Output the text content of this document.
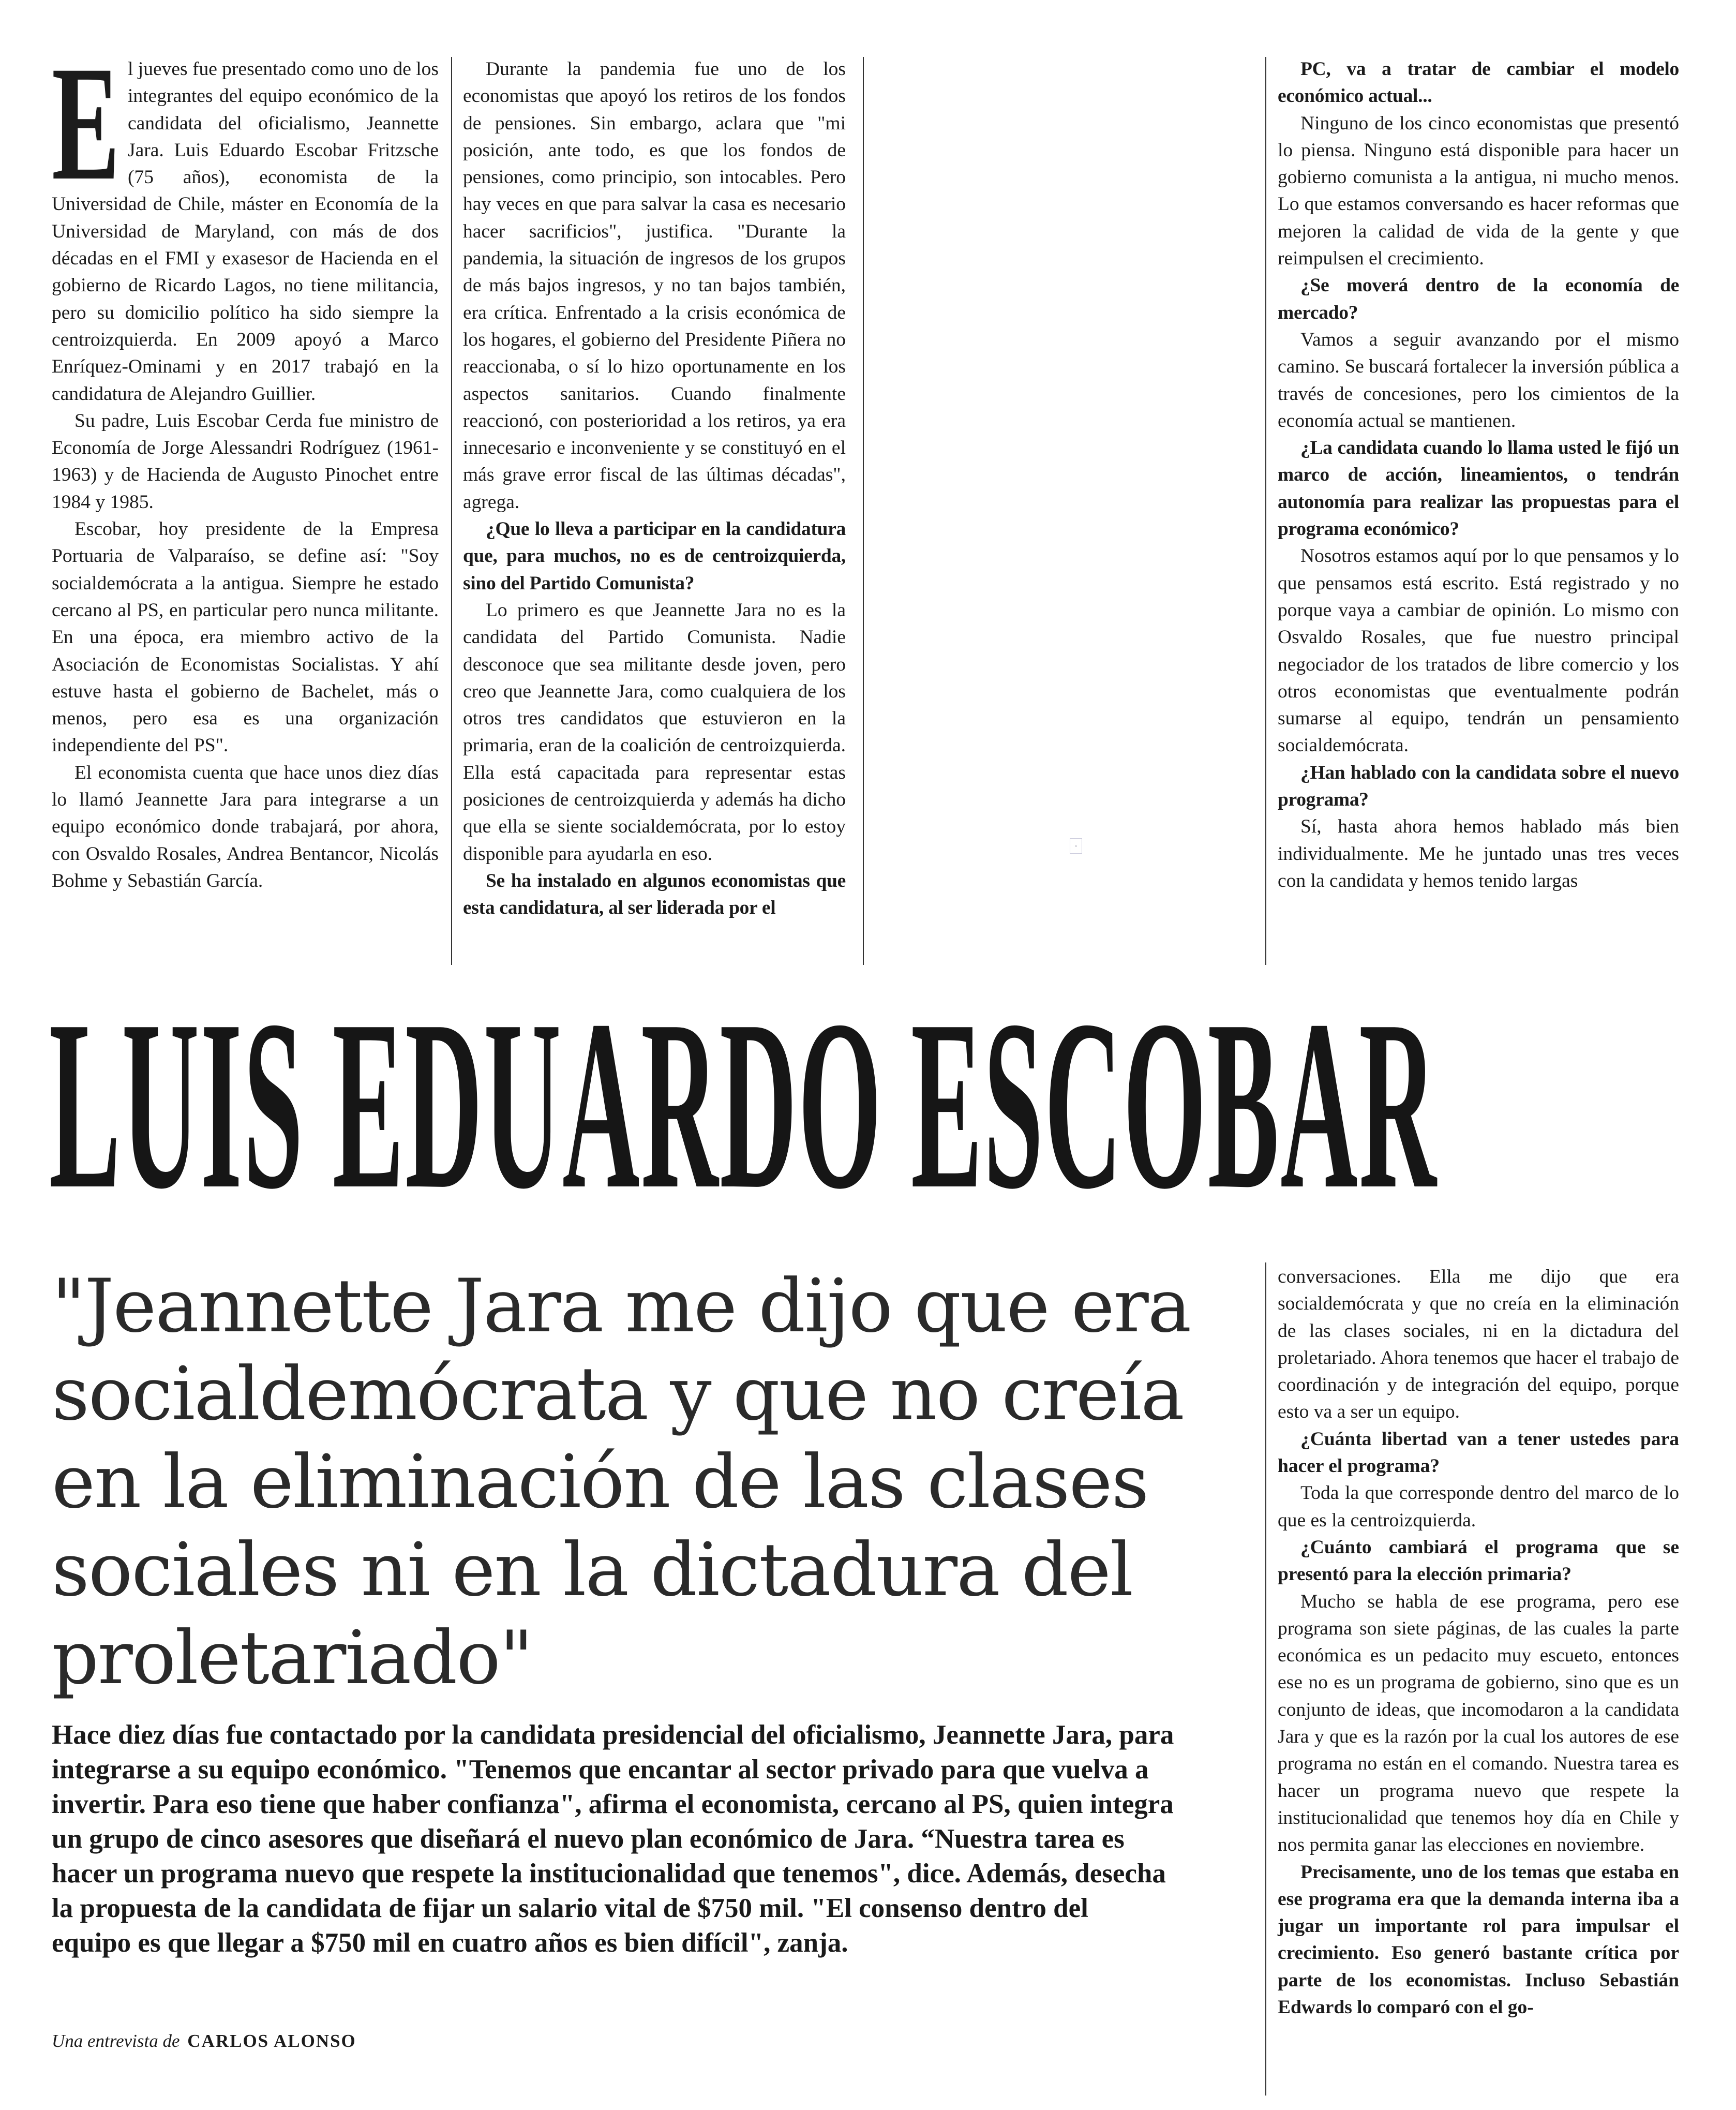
El jueves fue presentado como uno de los integrantes del equipo económico de la candidata del oficialismo, Jeannette Jara. Luis Eduardo Escobar Fritzsche (75 años), economista de la Universidad de Chile, máster en Economía de la Universidad de Maryland, con más de dos décadas en el FMI y exasesor de Hacienda en el gobierno de Ricardo Lagos, no tiene militancia, pero su domicilio político ha sido siempre la centroizquierda. En 2009 apoyó a Marco Enríquez-Ominami y en 2017 trabajó en la candidatura de Alejandro Guillier.

Su padre, Luis Escobar Cerda fue ministro de Economía de Jorge Alessandri Rodríguez (1961-1963) y de Hacienda de Augusto Pinochet entre 1984 y 1985.

Escobar, hoy presidente de la Empresa Portuaria de Valparaíso, se define así: "Soy socialdemócrata a la antigua. Siempre he estado cercano al PS, en particular pero nunca militante. En una época, era miembro activo de la Asociación de Economistas Socialistas. Y ahí estuve hasta el gobierno de Bachelet, más o menos, pero esa es una organización independiente del PS".

El economista cuenta que hace unos diez días lo llamó Jeannette Jara para integrarse a un equipo económico donde trabajará, por ahora, con Osvaldo Rosales, Andrea Bentancor, Nicolás Bohme y Sebastián García.

Durante la pandemia fue uno de los economistas que apoyó los retiros de los fondos de pensiones. Sin embargo, aclara que "mi posición, ante todo, es que los fondos de pensiones, como principio, son intocables. Pero hay veces en que para salvar la casa es necesario hacer sacrificios", justifica. "Durante la pandemia, la situación de ingresos de los grupos de más bajos ingresos, y no tan bajos también, era crítica. Enfrentado a la crisis económica de los hogares, el gobierno del Presidente Piñera no reaccionaba, o sí lo hizo oportunamente en los aspectos sanitarios. Cuando finalmente reaccionó, con posterioridad a los retiros, ya era innecesario e inconveniente y se constituyó en el más grave error fiscal de las últimas décadas", agrega.

¿Que lo lleva a participar en la candidatura que, para muchos, no es de centroizquierda, sino del Partido Comunista?

Lo primero es que Jeannette Jara no es la candidata del Partido Comunista. Nadie desconoce que sea militante desde joven, pero creo que Jeannette Jara, como cualquiera de los otros tres candidatos que estuvieron en la primaria, eran de la coalición de centroizquierda. Ella está capacitada para representar estas posiciones de centroizquierda y además ha dicho que ella se siente socialdemócrata, por lo estoy disponible para ayudarla en eso.

Se ha instalado en algunos economistas que esta candidatura, al ser liderada por el

▫

PC, va a tratar de cambiar el modelo económico actual...

Ninguno de los cinco economistas que presentó lo piensa. Ninguno está disponible para hacer un gobierno comunista a la antigua, ni mucho menos. Lo que estamos conversando es hacer reformas que mejoren la calidad de vida de la gente y que reimpulsen el crecimiento.

¿Se moverá dentro de la economía de mercado?

Vamos a seguir avanzando por el mismo camino. Se buscará fortalecer la inversión pública a través de concesiones, pero los cimientos de la economía actual se mantienen.

¿La candidata cuando lo llama usted le fijó un marco de acción, lineamientos, o tendrán autonomía para realizar las propuestas para el programa económico?

Nosotros estamos aquí por lo que pensamos y lo que pensamos está escrito. Está registrado y no porque vaya a cambiar de opinión. Lo mismo con Osvaldo Rosales, que fue nuestro principal negociador de los tratados de libre comercio y los otros economistas que eventualmente podrán sumarse al equipo, tendrán un pensamiento socialdemócrata.

¿Han hablado con la candidata sobre el nuevo programa?

Sí, hasta ahora hemos hablado más bien individualmente. Me he juntado unas tres veces con la candidata y hemos tenido largas

LUIS EDUARDO ESCOBAR
"Jeannette Jara me dijo que era socialdemócrata y que no creía en la eliminación de las clases sociales ni en la dictadura del proletariado"

conversaciones. Ella me dijo que era socialdemócrata y que no creía en la eliminación de las clases sociales, ni en la dictadura del proletariado. Ahora tenemos que hacer el trabajo de coordinación y de integración del equipo, porque esto va a ser un equipo.

¿Cuánta libertad van a tener ustedes para hacer el programa?

Toda la que corresponde dentro del marco de lo que es la centroizquierda.

¿Cuánto cambiará el programa que se presentó para la elección primaria?

Mucho se habla de ese programa, pero ese programa son siete páginas, de las cuales la parte económica es un pedacito muy escueto, entonces ese no es un programa de gobierno, sino que es un conjunto de ideas, que incomodaron a la candidata Jara y que es la razón por la cual los autores de ese programa no están en el comando. Nuestra tarea es hacer un programa nuevo que respete la institucionalidad que tenemos hoy día en Chile y nos permita ganar las elecciones en noviembre.

Precisamente, uno de los temas que estaba en ese programa era que la demanda interna iba a jugar un importante rol para impulsar el crecimiento. Eso generó bastante crítica por parte de los economistas. Incluso Sebastián Edwards lo comparó con el go-

Hace diez días fue contactado por la candidata presidencial del oficialismo, Jeannette Jara, para integrarse a su equipo económico. "Tenemos que encantar al sector privado para que vuelva a invertir. Para eso tiene que haber confianza", afirma el economista, cercano al PS, quien integra un grupo de cinco asesores que diseñará el nuevo plan económico de Jara. “Nuestra tarea es hacer un programa nuevo que respete la institucionalidad que tenemos", dice. Además, desecha la propuesta de la candidata de fijar un salario vital de $750 mil. "El consenso dentro del equipo es que llegar a $750 mil en cuatro años es bien difícil", zanja.
Una entrevista de CARLOS ALONSO
